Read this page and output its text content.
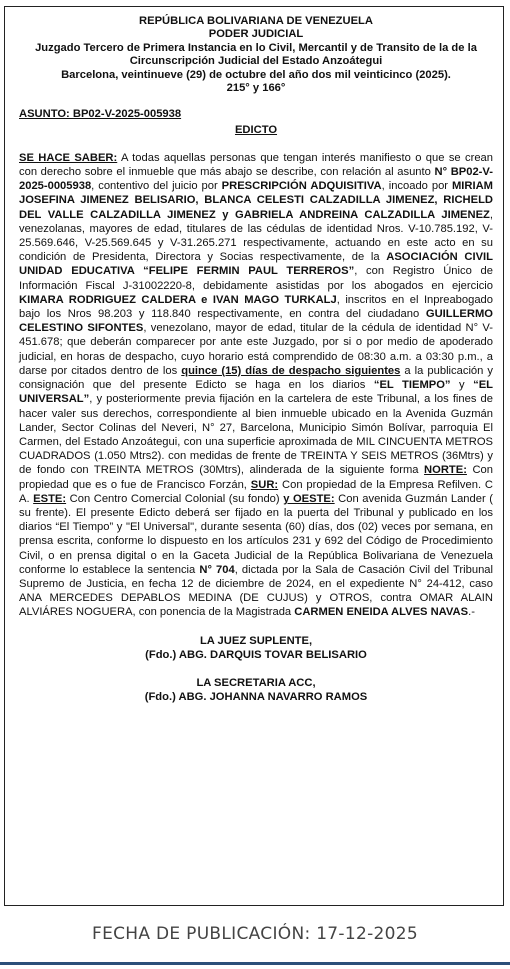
REPÚBLICA BOLIVARIANA DE VENEZUELA
PODER JUDICIAL
Juzgado Tercero de Primera Instancia en lo Civil, Mercantil y de Transito de la de la Circunscripción Judicial del Estado Anzoátegui
Barcelona, veintinueve (29) de octubre del año dos mil veinticinco (2025).
215° y 166°
ASUNTO: BP02-V-2025-005938
EDICTO
SE HACE SABER: A todas aquellas personas que tengan interés manifiesto o que se crean con derecho sobre el inmueble que más abajo se describe, con relación al asunto N° BP02-V-2025-0005938, contentivo del juicio por PRESCRIPCIÓN ADQUISITIVA, incoado por MIRIAM JOSEFINA JIMENEZ BELISARIO, BLANCA CELESTI CALZADILLA JIMENEZ, RICHELD DEL VALLE CALZADILLA JIMENEZ y GABRIELA ANDREINA CALZADILLA JIMENEZ, venezolanas, mayores de edad, titulares de las cédulas de identidad Nros. V-10.785.192, V-25.569.646, V-25.569.645 y V-31.265.271 respectivamente, actuando en este acto en su condición de Presidenta, Directora y Socias respectivamente, de la ASOCIACIÓN CIVIL UNIDAD EDUCATIVA “FELIPE FERMIN PAUL TERREROS”, con Registro Único de Información Fiscal J-31002220-8, debidamente asistidas por los abogados en ejercicio KIMARA RODRIGUEZ CALDERA e IVAN MAGO TURKALJ, inscritos en el Inpreabogado bajo los Nros 98.203 y 118.840 respectivamente, en contra del ciudadano GUILLERMO CELESTINO SIFONTES, venezolano, mayor de edad, titular de la cédula de identidad N° V-451.678; que deberán comparecer por ante este Juzgado, por si o por medio de apoderado judicial, en horas de despacho, cuyo horario está comprendido de 08:30 a.m. a 03:30 p.m., a darse por citados dentro de los quince (15) días de despacho siguientes a la publicación y consignación que del presente Edicto se haga en los diarios “EL TIEMPO” y “EL UNIVERSAL”, y posteriormente previa fijación en la cartelera de este Tribunal, a los fines de hacer valer sus derechos, correspondiente al bien inmueble ubicado en la Avenida Guzmán Lander, Sector Colinas del Neveri, N° 27, Barcelona, Municipio Simón Bolívar, parroquia El Carmen, del Estado Anzoátegui, con una superficie aproximada de MIL CINCUENTA METROS CUADRADOS (1.050 Mtrs2). con medidas de frente de TREINTA Y SEIS METROS (36Mtrs) y de fondo con TREINTA METROS (30Mtrs), alinderada de la siguiente forma NORTE: Con propiedad que es o fue de Francisco Forzán, SUR: Con propiedad de la Empresa Refilven. C A. ESTE: Con Centro Comercial Colonial (su fondo) y OESTE: Con avenida Guzmán Lander ( su frente). El presente Edicto deberá ser fijado en la puerta del Tribunal y publicado en los diarios “El Tiempo” y "El Universal", durante sesenta (60) días, dos (02) veces por semana, en prensa escrita, conforme lo dispuesto en los artículos 231 y 692 del Código de Procedimiento Civil, o en prensa digital o en la Gaceta Judicial de la República Bolivariana de Venezuela conforme lo establece la sentencia N° 704, dictada por la Sala de Casación Civil del Tribunal Supremo de Justicia, en fecha 12 de diciembre de 2024, en el expediente N° 24-412, caso ANA MERCEDES DEPABLOS MEDINA (DE CUJUS) y OTROS, contra OMAR ALAIN ALVIÁRES NOGUERA, con ponencia de la Magistrada CARMEN ENEIDA ALVES NAVAS.-
LA JUEZ SUPLENTE,
(Fdo.) ABG. DARQUIS TOVAR BELISARIO
LA SECRETARIA ACC,
(Fdo.) ABG. JOHANNA NAVARRO RAMOS
FECHA DE PUBLICACIÓN: 17-12-2025
